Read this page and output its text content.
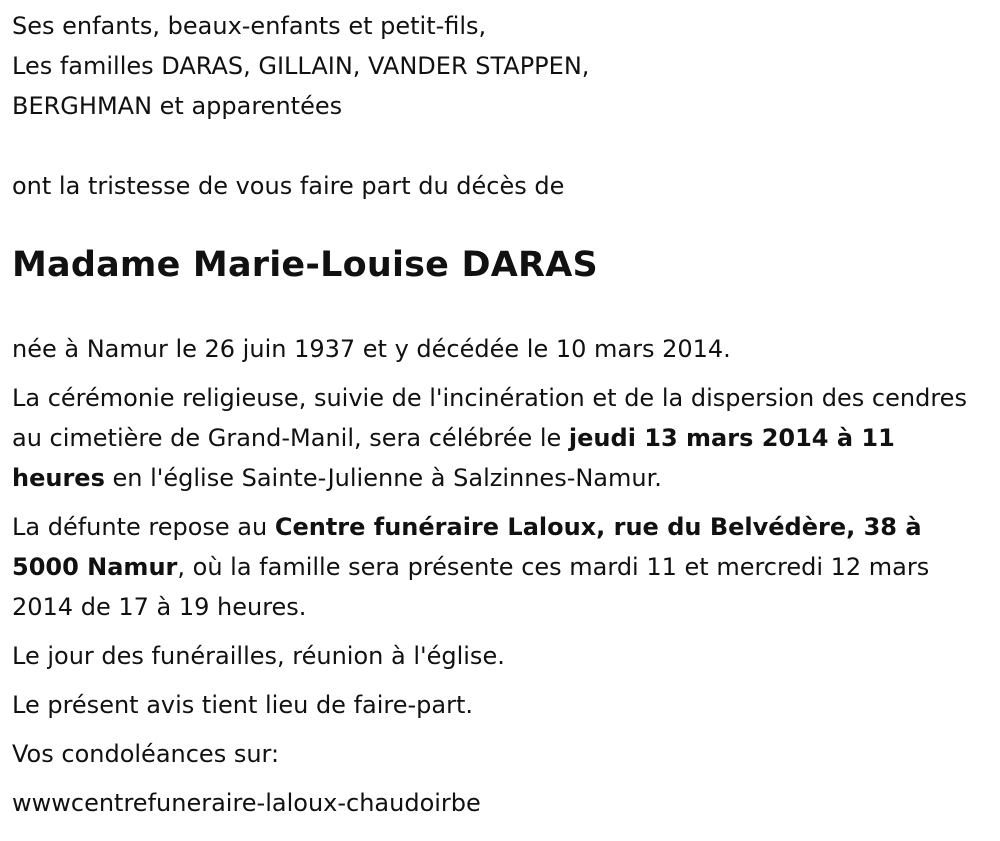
Ses enfants, beaux-enfants et petit-fils,

Les familles DARAS, GILLAIN, VANDER STAPPEN,

BERGHMAN et apparentées

ont la tristesse de vous faire part du décès de

Madame Marie-Louise DARAS

née à Namur le 26 juin 1937 et y décédée le 10 mars 2014.

La cérémonie religieuse, suivie de l'incinération et de la dispersion des cendres au cimetière de Grand-Manil, sera célébrée le jeudi 13 mars 2014 à 11 heures en l'église Sainte-Julienne à Salzinnes-Namur.

La défunte repose au Centre funéraire Laloux, rue du Belvédère, 38 à 5000 Namur, où la famille sera présente ces mardi 11 et mercredi 12 mars 2014 de 17 à 19 heures.

Le jour des funérailles, réunion à l'église.

Le présent avis tient lieu de faire-part.

Vos condoléances sur:

wwwcentrefuneraire-laloux-chaudoirbe
